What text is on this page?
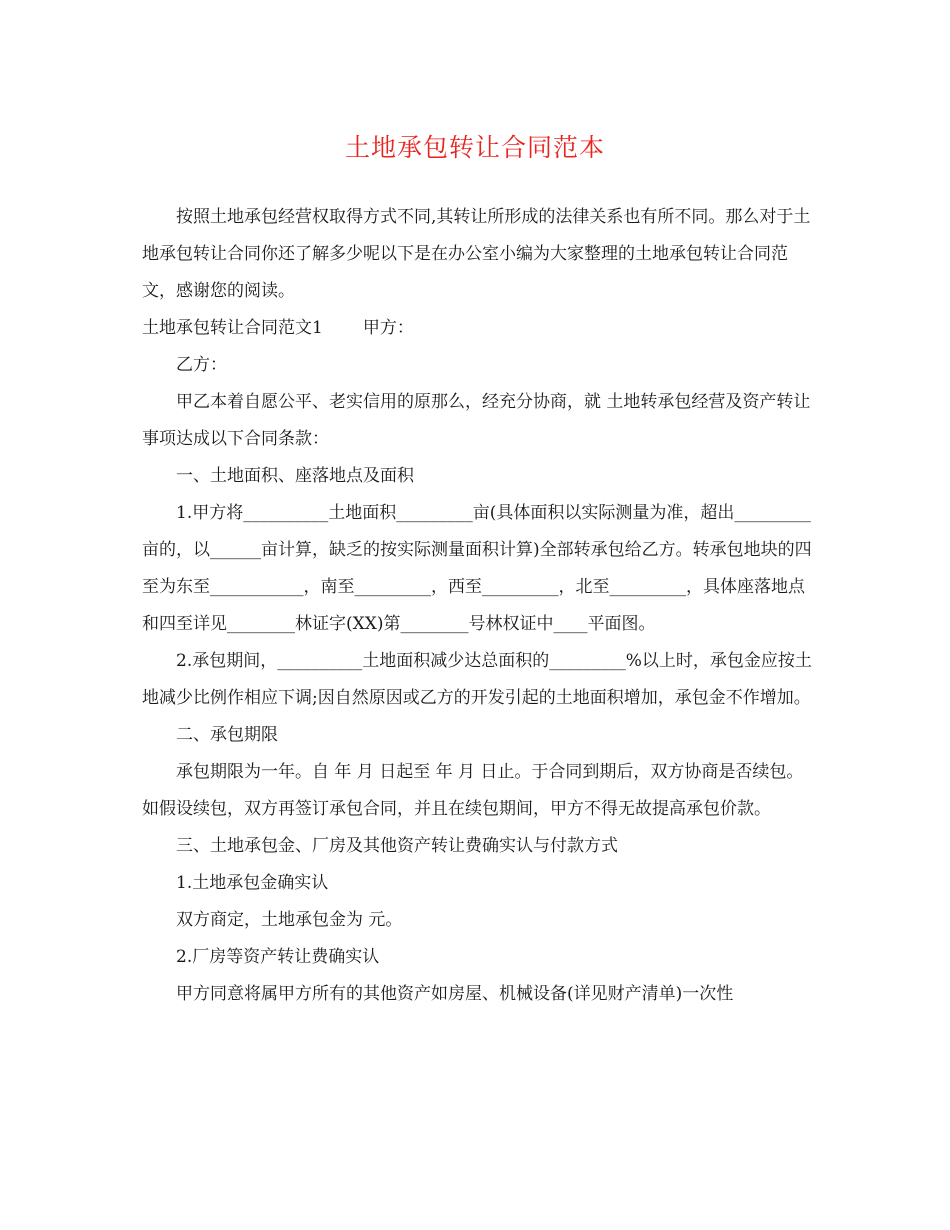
土地承包转让合同范本

按照土地承包经营权取得方式不同,其转让所形成的法律关系也有所不同。那么对于土地承包转让合同你还了解多少呢以下是在办公室小编为大家整理的土地承包转让合同范文，感谢您的阅读。

土地承包转让合同范文1 甲方：

乙方：

甲乙本着自愿公平、老实信用的原那么，经充分协商，就 土地转承包经营及资产转让事项达成以下合同条款：

一、土地面积、座落地点及面积

1.甲方将__________土地面积_________亩(具体面积以实际测量为准，超出_________亩的，以______亩计算，缺乏的按实际测量面积计算)全部转承包给乙方。转承包地块的四至为东至___________，南至_________，西至_________，北至_________，具体座落地点和四至详见________林证字(XX)第________号林权证中____平面图。

2.承包期间，__________土地面积减少达总面积的_________%以上时，承包金应按土地减少比例作相应下调;因自然原因或乙方的开发引起的土地面积增加，承包金不作增加。

二、承包期限

承包期限为一年。自 年 月 日起至 年 月 日止。于合同到期后，双方协商是否续包。如假设续包，双方再签订承包合同，并且在续包期间，甲方不得无故提高承包价款。

三、土地承包金、厂房及其他资产转让费确实认与付款方式

1.土地承包金确实认

双方商定，土地承包金为 元。

2.厂房等资产转让费确实认

甲方同意将属甲方所有的其他资产如房屋、机械设备(详见财产清单)一次性
